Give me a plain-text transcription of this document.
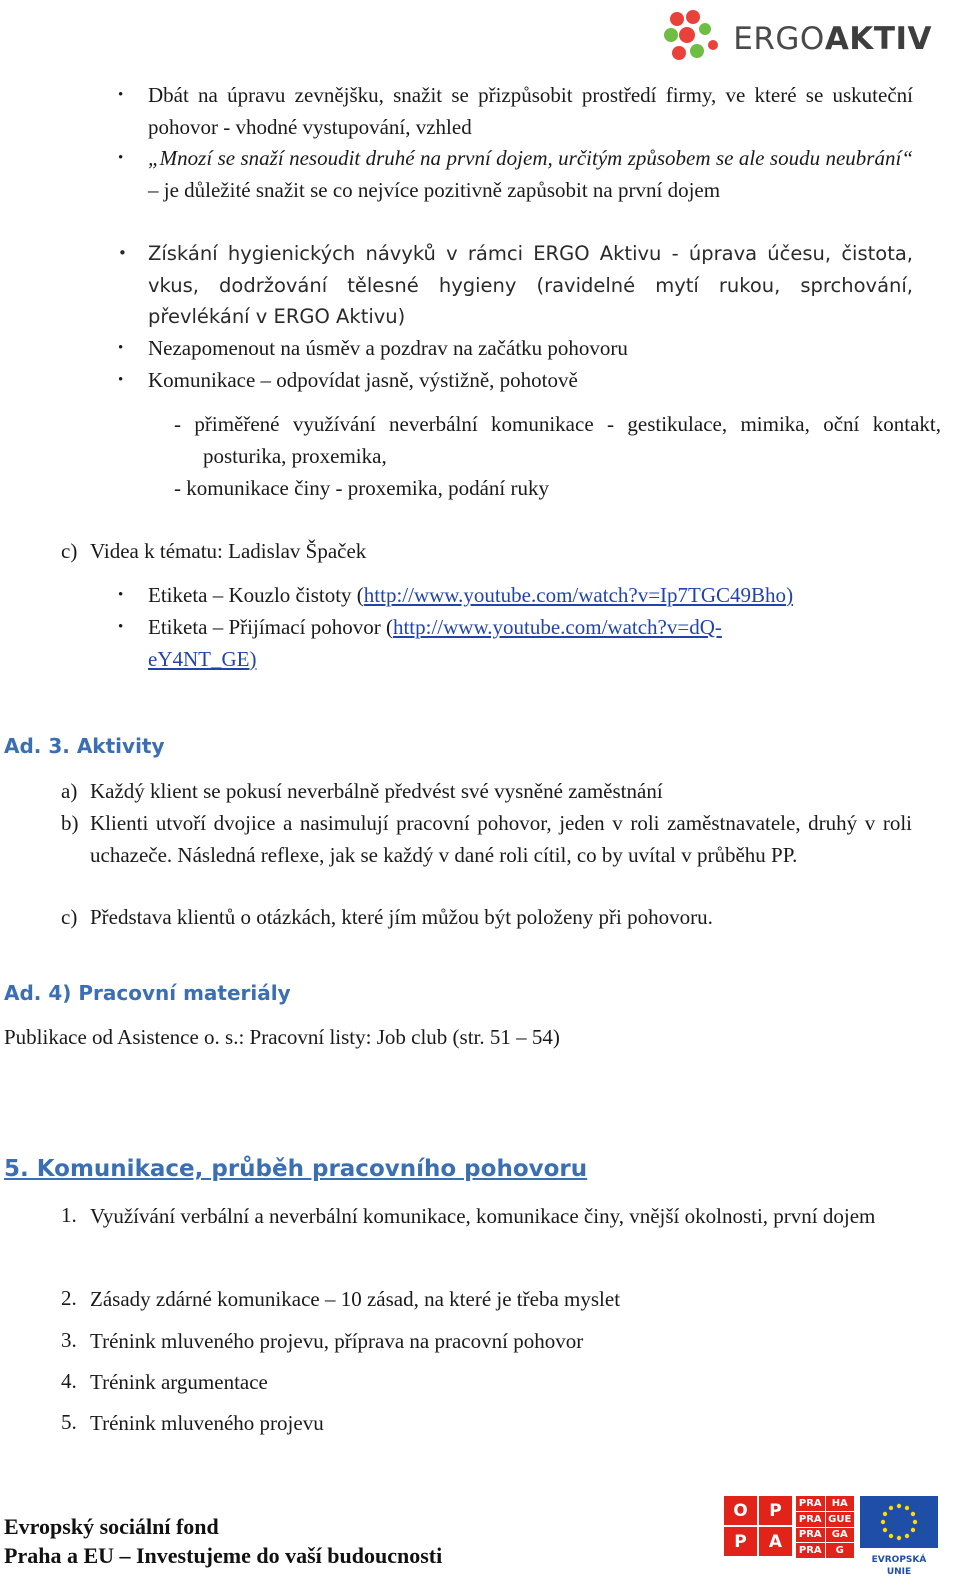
ERGOAKTIV
• Dbát na úpravu zevnějšku, snažit se přizpůsobit prostředí firmy, ve které se uskuteční pohovor - vhodné vystupování, vzhled
• „Mnozí se snaží nesoudit druhé na první dojem, určitým způsobem se ale soudu neubrání“ – je důležité snažit se co nejvíce pozitivně zapůsobit na první dojem
• Získání hygienických návyků v rámci ERGO Aktivu - úprava účesu, čistota, vkus, dodržování tělesné hygieny (ravidelné mytí rukou, sprchování, převlékání v ERGO Aktivu)
• Nezapomenout na úsměv a pozdrav na začátku pohovoru
• Komunikace – odpovídat jasně, výstižně, pohotově
- přiměřené využívání neverbální komunikace - gestikulace, mimika, oční kontakt, posturika, proxemika,
- komunikace činy - proxemika, podání ruky
c) Videa k tématu: Ladislav Špaček
• Etiketa – Kouzlo čistoty (http://www.youtube.com/watch?v=Ip7TGC49Bho)
• Etiketa – Přijímací pohovor (http://www.youtube.com/watch?v=dQ-eY4NT_GE)
Ad. 3. Aktivity
a) Každý klient se pokusí neverbálně předvést své vysněné zaměstnání
b) Klienti utvoří dvojice a nasimulují pracovní pohovor, jeden v roli zaměstnavatele, druhý v roli uchazeče. Následná reflexe, jak se každý v dané roli cítil, co by uvítal v průběhu PP.
c) Představa klientů o otázkách, které jím můžou být položeny při pohovoru.
Ad. 4) Pracovní materiály
Publikace od Asistence o. s.: Pracovní listy: Job club (str. 51 – 54)
5. Komunikace, průběh pracovního pohovoru
1. Využívání verbální a neverbální komunikace, komunikace činy, vnější okolnosti, první dojem
2. Zásady zdárné komunikace – 10 zásad, na které je třeba myslet
3. Trénink mluveného projevu, příprava na pracovní pohovor
4. Trénink argumentace
5. Trénink mluveného projevu
Evropský sociální fond
Praha a EU – Investujeme do vaší budoucnosti
O	P
P	A
PRA	HA
PRA GUE
PRA	GA
PRA	G
EVROPSKÁ UNIE
